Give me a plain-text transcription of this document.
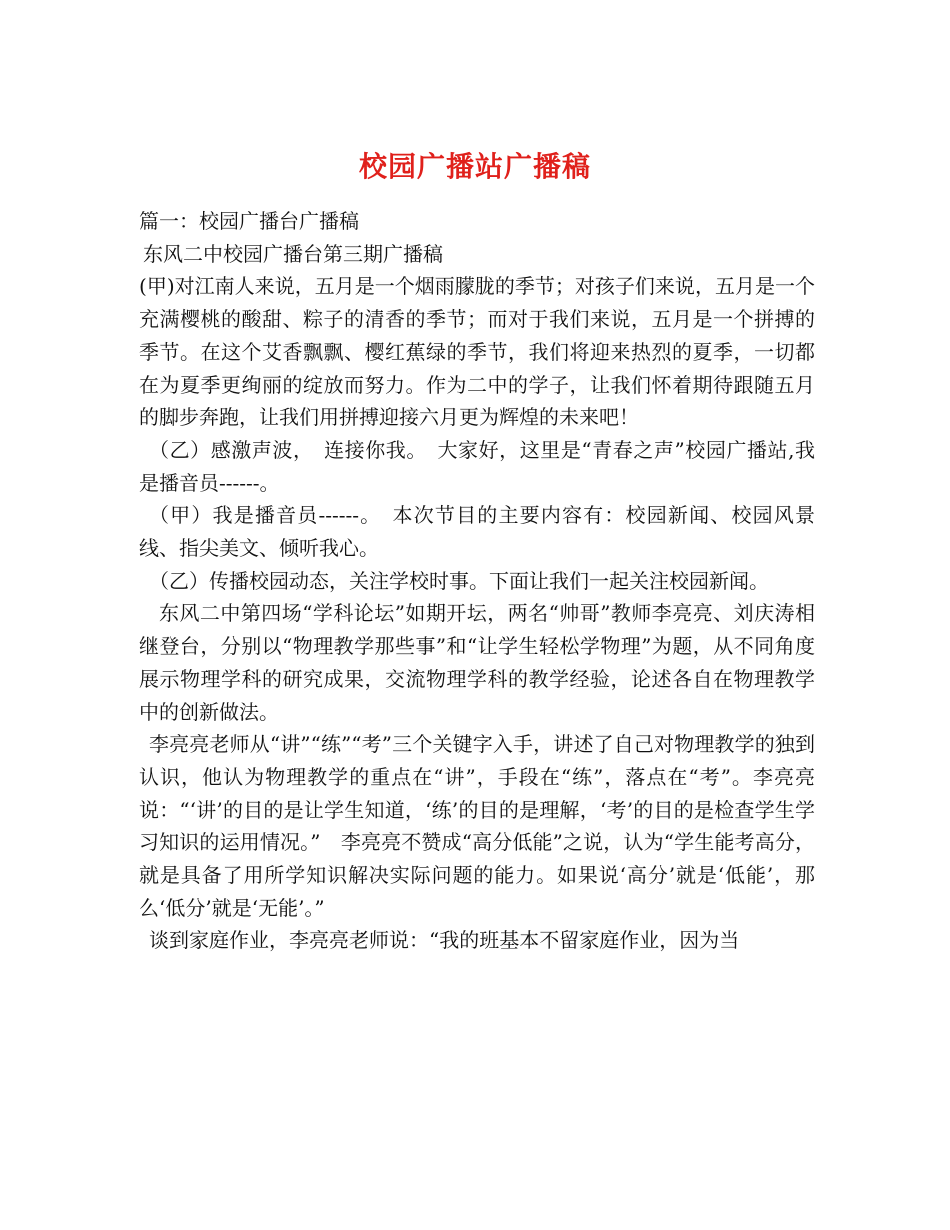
校园广播站广播稿

篇一：校园广播台广播稿

东风二中校园广播台第三期广播稿

(甲)对江南人来说，五月是一个烟雨朦胧的季节；对孩子们来说，五月是一个充满樱桃的酸甜、粽子的清香的季节；而对于我们来说，五月是一个拼搏的季节。在这个艾香飘飘、樱红蕉绿的季节，我们将迎来热烈的夏季，一切都在为夏季更绚丽的绽放而努力。作为二中的学子，让我们怀着期待跟随五月的脚步奔跑，让我们用拼搏迎接六月更为辉煌的未来吧！

（乙）感激声波，　连接你我。　大家好，这里是“青春之声”校园广播站,我是播音员------。

（甲）我是播音员------。　本次节目的主要内容有：校园新闻、校园风景线、指尖美文、倾听我心。

（乙）传播校园动态，关注学校时事。下面让我们一起关注校园新闻。

东风二中第四场“学科论坛”如期开坛，两名“帅哥”教师李亮亮、刘庆涛相继登台，分别以“物理教学那些事”和“让学生轻松学物理”为题，从不同角度展示物理学科的研究成果，交流物理学科的教学经验，论述各自在物理教学中的创新做法。

李亮亮老师从“讲”“练”“考”三个关键字入手，讲述了自己对物理教学的独到认识，他认为物理教学的重点在“讲”，手段在“练”，落点在“考”。李亮亮说：“‘讲’的目的是让学生知道，‘练’的目的是理解，‘考’的目的是检查学生学习知识的运用情况。”　李亮亮不赞成“高分低能”之说，认为“学生能考高分，就是具备了用所学知识解决实际问题的能力。如果说‘高分’就是‘低能’，那么‘低分’就是‘无能’。”

谈到家庭作业，李亮亮老师说：“我的班基本不留家庭作业，因为当
